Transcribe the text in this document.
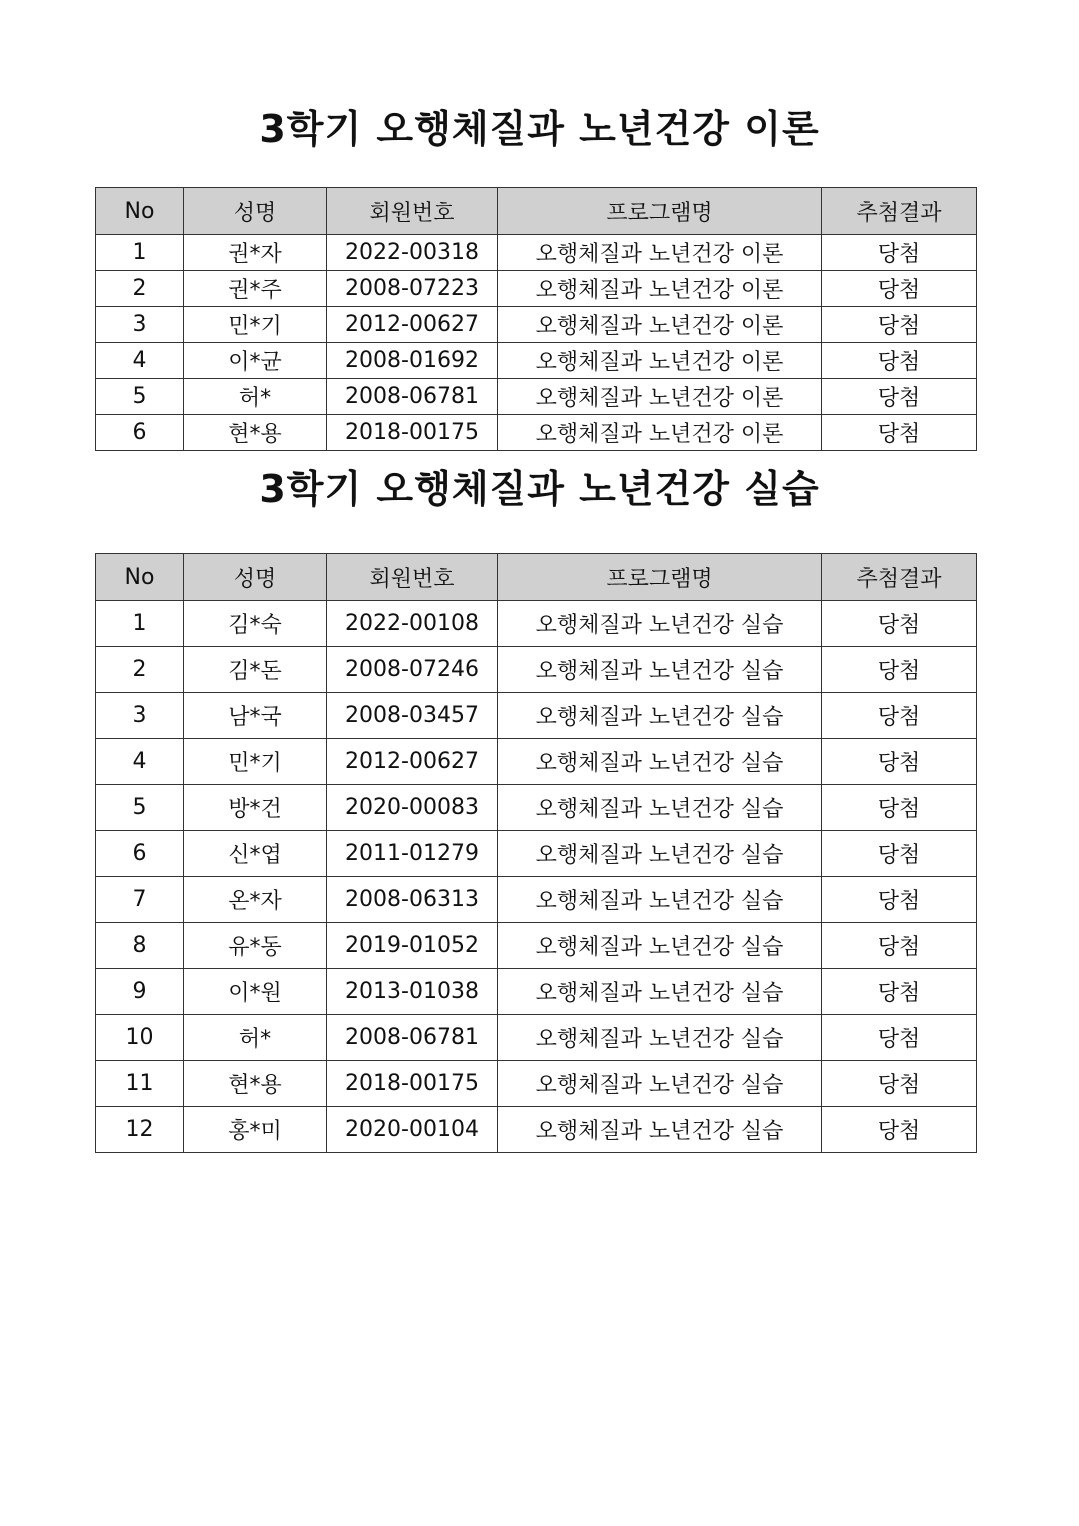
3학기 오행체질과 노년건강 이론
No	성명	회원번호	프로그램명	추첨결과
1	권*자	2022-00318	오행체질과 노년건강 이론	당첨
2	권*주	2008-07223	오행체질과 노년건강 이론	당첨
3	민*기	2012-00627	오행체질과 노년건강 이론	당첨
4	이*균	2008-01692	오행체질과 노년건강 이론	당첨
5	허*	2008-06781	오행체질과 노년건강 이론	당첨
6	현*용	2018-00175	오행체질과 노년건강 이론	당첨
3학기 오행체질과 노년건강 실습
No	성명	회원번호	프로그램명	추첨결과
1	김*숙	2022-00108	오행체질과 노년건강 실습	당첨
2	김*돈	2008-07246	오행체질과 노년건강 실습	당첨
3	남*국	2008-03457	오행체질과 노년건강 실습	당첨
4	민*기	2012-00627	오행체질과 노년건강 실습	당첨
5	방*건	2020-00083	오행체질과 노년건강 실습	당첨
6	신*엽	2011-01279	오행체질과 노년건강 실습	당첨
7	온*자	2008-06313	오행체질과 노년건강 실습	당첨
8	유*동	2019-01052	오행체질과 노년건강 실습	당첨
9	이*원	2013-01038	오행체질과 노년건강 실습	당첨
10	허*	2008-06781	오행체질과 노년건강 실습	당첨
11	현*용	2018-00175	오행체질과 노년건강 실습	당첨
12	홍*미	2020-00104	오행체질과 노년건강 실습	당첨
